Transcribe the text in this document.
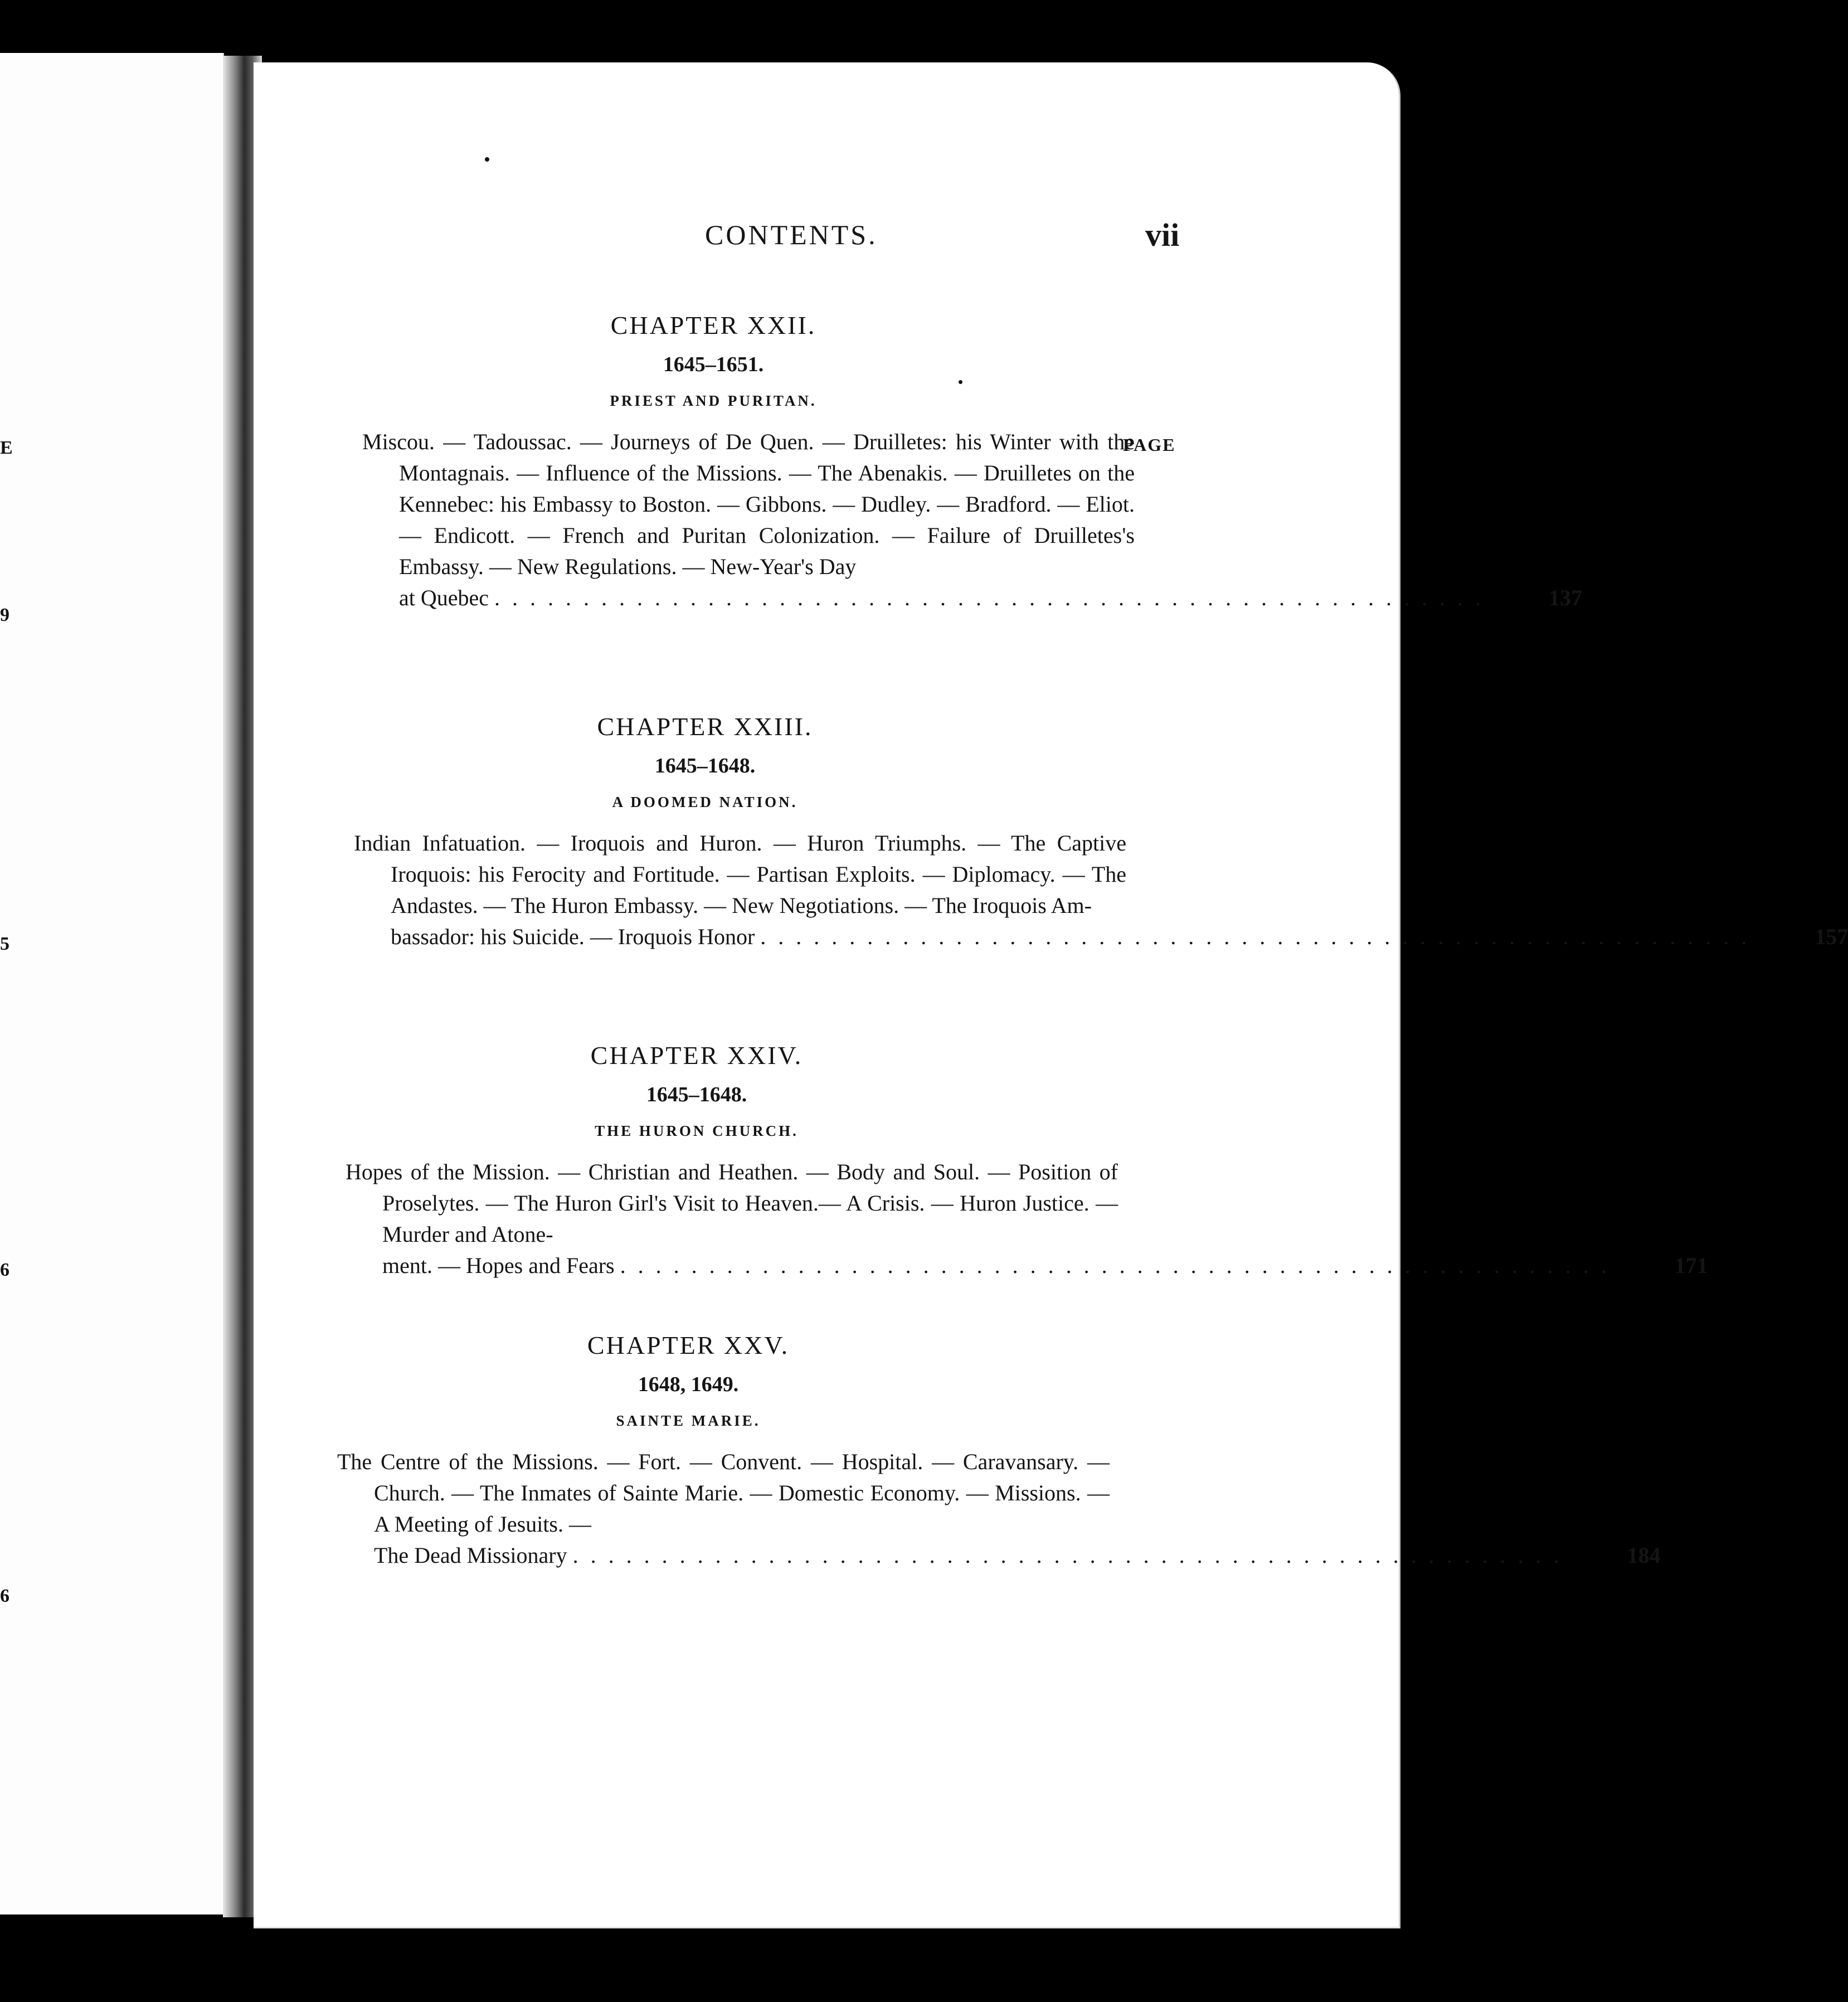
E
9
5
6
6
CONTENTS.	vii
PAGE
CHAPTER XXII.
1645–1651.
PRIEST AND PURITAN.
Miscou. — Tadoussac. — Journeys of De Quen. — Druilletes: his Winter with the Montagnais. — Influence of the Missions. — The Abenakis. — Druilletes on the Kennebec: his Embassy to Boston. — Gibbons. — Dudley. — Bradford. — Eliot. — Endicott. — French and Puritan Colonization. — Failure of Druilletes's Embassy. — New Regulations. — New-Year's Day
at Quebec ........................................................	137
CHAPTER XXIII.
1645–1648.
A DOOMED NATION.
Indian Infatuation. — Iroquois and Huron. — Huron Triumphs. — The Captive Iroquois: his Ferocity and Fortitude. — Partisan Exploits. — Diplomacy. — The Andastes. — The Huron Embassy. — New Negotiations. — The Iroquois Am-
bassador: his Suicide. — Iroquois Honor ........................................................	157
CHAPTER XXIV.
1645–1648.
THE HURON CHURCH.
Hopes of the Mission. — Christian and Heathen. — Body and Soul. — Position of Proselytes. — The Huron Girl's Visit to Heaven.— A Crisis. — Huron Justice. — Murder and Atone-
ment. — Hopes and Fears ........................................................	171
CHAPTER XXV.
1648, 1649.
SAINTE MARIE.
The Centre of the Missions. — Fort. — Convent. — Hospital. — Caravansary. — Church. — The Inmates of Sainte Marie. — Domestic Economy. — Missions. — A Meeting of Jesuits. —
The Dead Missionary ........................................................	184
